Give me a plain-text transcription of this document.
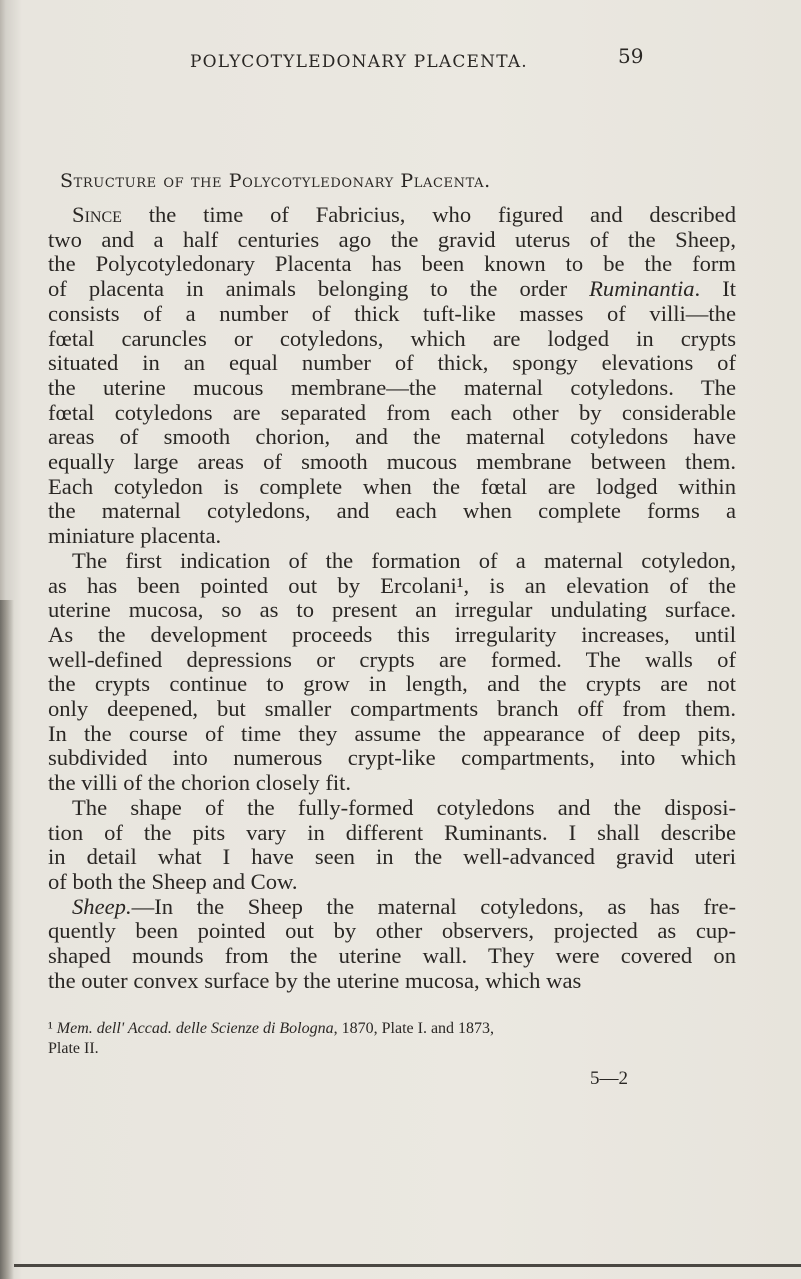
POLYCOTYLEDONARY PLACENTA.	59
Structure of the Polycotyledonary Placenta.

Since the time of Fabricius, who figured and described
two and a half centuries ago the gravid uterus of the Sheep,
the Polycotyledonary Placenta has been known to be the form
of placenta in animals belonging to the order Ruminantia. It
consists of a number of thick tuft-like masses of villi—the
fœtal caruncles or cotyledons, which are lodged in crypts
situated in an equal number of thick, spongy elevations of
the uterine mucous membrane—the maternal cotyledons. The
fœtal cotyledons are separated from each other by considerable
areas of smooth chorion, and the maternal cotyledons have
equally large areas of smooth mucous membrane between them.
Each cotyledon is complete when the fœtal are lodged within
the maternal cotyledons, and each when complete forms a
miniature placenta.

The first indication of the formation of a maternal cotyledon,
as has been pointed out by Ercolani¹, is an elevation of the
uterine mucosa, so as to present an irregular undulating surface.
As the development proceeds this irregularity increases, until
well-defined depressions or crypts are formed. The walls of
the crypts continue to grow in length, and the crypts are not
only deepened, but smaller compartments branch off from them.
In the course of time they assume the appearance of deep pits,
subdivided into numerous crypt-like compartments, into which
the villi of the chorion closely fit.

The shape of the fully-formed cotyledons and the disposi-
tion of the pits vary in different Ruminants. I shall describe
in detail what I have seen in the well-advanced gravid uteri
of both the Sheep and Cow.

Sheep.—In the Sheep the maternal cotyledons, as has fre-
quently been pointed out by other observers, projected as cup-
shaped mounds from the uterine wall. They were covered on
the outer convex surface by the uterine mucosa, which was

¹ Mem. dell' Accad. delle Scienze di Bologna, 1870, Plate I. and 1873,
Plate II.
5—2
